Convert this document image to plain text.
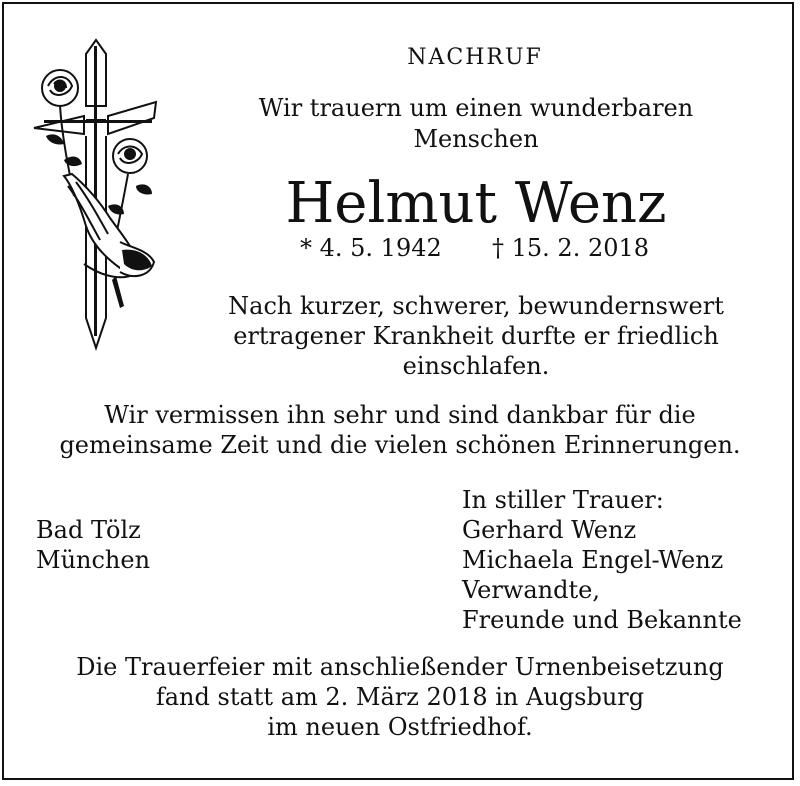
NACHRUF
Wir trauern um einen wunderbaren
Menschen
Helmut Wenz
* 4. 5. 1942 † 15. 2. 2018
Nach kurzer, schwerer, bewundernswert
ertragener Krankheit durfte er friedlich
einschlafen.
Wir vermissen ihn sehr und sind dankbar für die
gemeinsame Zeit und die vielen schönen Erinnerungen.
Bad Tölz
München
In stiller Trauer:
Gerhard Wenz
Michaela Engel-Wenz
Verwandte,
Freunde und Bekannte
Die Trauerfeier mit anschließender Urnenbeisetzung
fand statt am 2. März 2018 in Augsburg
im neuen Ostfriedhof.
